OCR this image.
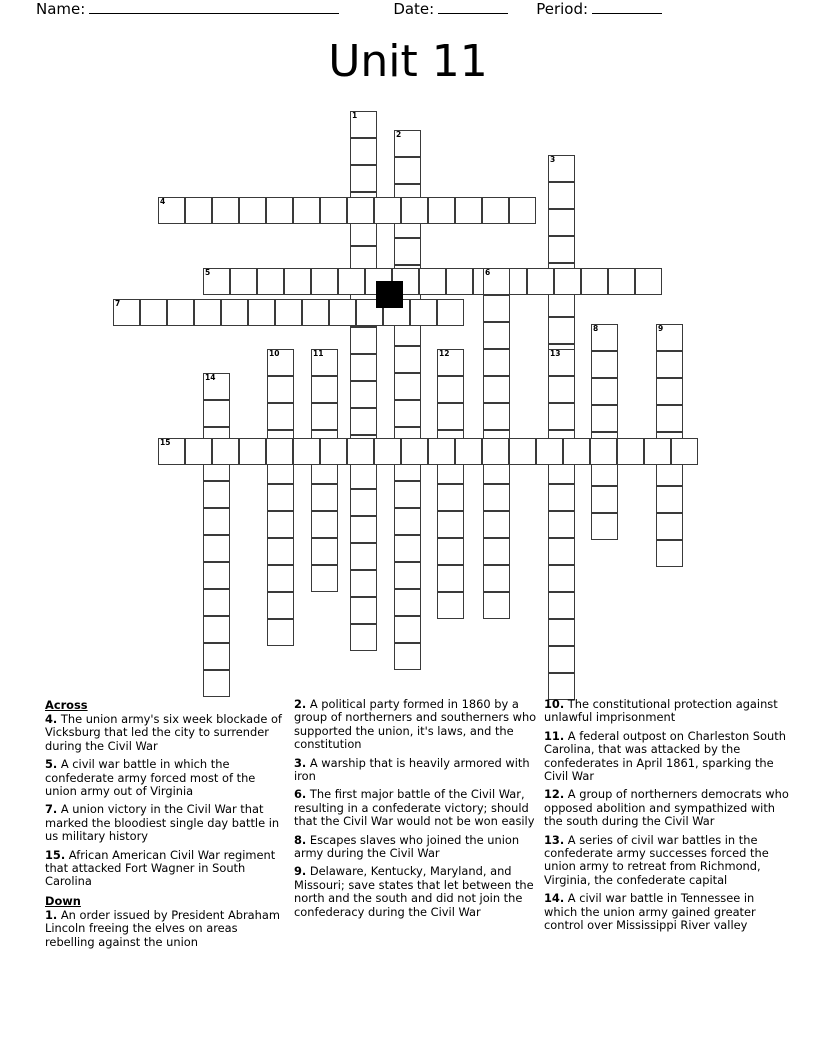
Name:	Date:	Period:
Unit 11
1
2
3
4
5	6
7
8	9
10	11	12	13
14
15
Across

4. The union army's six week blockade of Vicksburg that led the city to surrender during the Civil War

5. A civil war battle in which the confederate army forced most of the union army out of Virginia

7. A union victory in the Civil War that marked the bloodiest single day battle in us military history

15. African American Civil War regiment that attacked Fort Wagner in South Carolina

Down

1. An order issued by President Abraham Lincoln freeing the elves on areas rebelling against the union

2. A political party formed in 1860 by a group of northerners and southerners who supported the union, it's laws, and the constitution

3. A warship that is heavily armored with iron

6. The first major battle of the Civil War, resulting in a confederate victory; should that the Civil War would not be won easily

8. Escapes slaves who joined the union army during the Civil War

9. Delaware, Kentucky, Maryland, and Missouri; save states that let between the north and the south and did not join the confederacy during the Civil War

10. The constitutional protection against unlawful imprisonment

11. A federal outpost on Charleston South Carolina, that was attacked by the confederates in April 1861, sparking the Civil War

12. A group of northerners democrats who opposed abolition and sympathized with the south during the Civil War

13. A series of civil war battles in the confederate army successes forced the union army to retreat from Richmond, Virginia, the confederate capital

14. A civil war battle in Tennessee in which the union army gained greater control over Mississippi River valley
